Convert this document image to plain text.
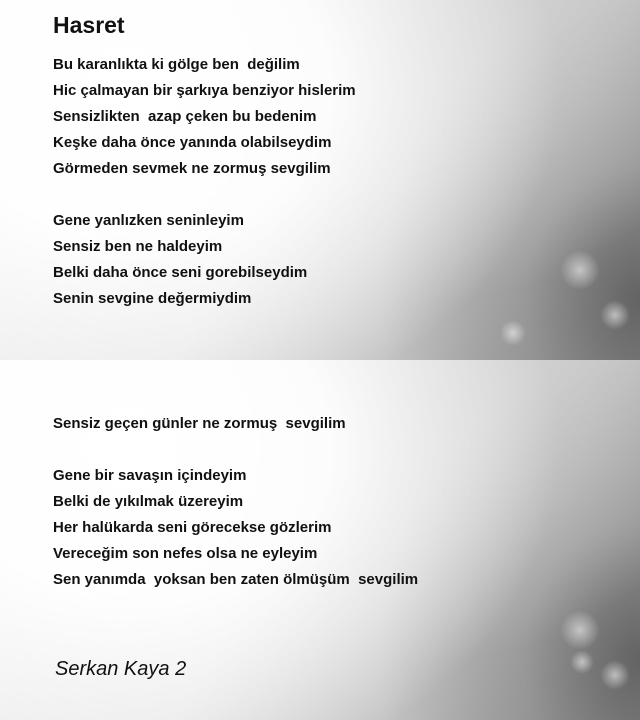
Hasret
Bu karanlıkta ki gölge ben  değilim
Hic çalmayan bir şarkıya benziyor hislerim
Sensizlikten  azap çeken bu bedenim
Keşke daha önce yanında olabilseydim
Görmeden sevmek ne zormuş sevgilim
Gene yanlızken seninleyim
Sensiz ben ne haldeyim
Belki daha önce seni gorebilseydim
Senin sevgine değermiydim
Sensiz geçen günler ne zormuş  sevgilim
Gene bir savaşın içindeyim
Belki de yıkılmak üzereyim
Her halükarda seni görecekse gözlerim
Vereceğim son nefes olsa ne eyleyim
Sen yanımda  yoksan ben zaten ölmüşüm  sevgilim

Serkan Kaya 2
